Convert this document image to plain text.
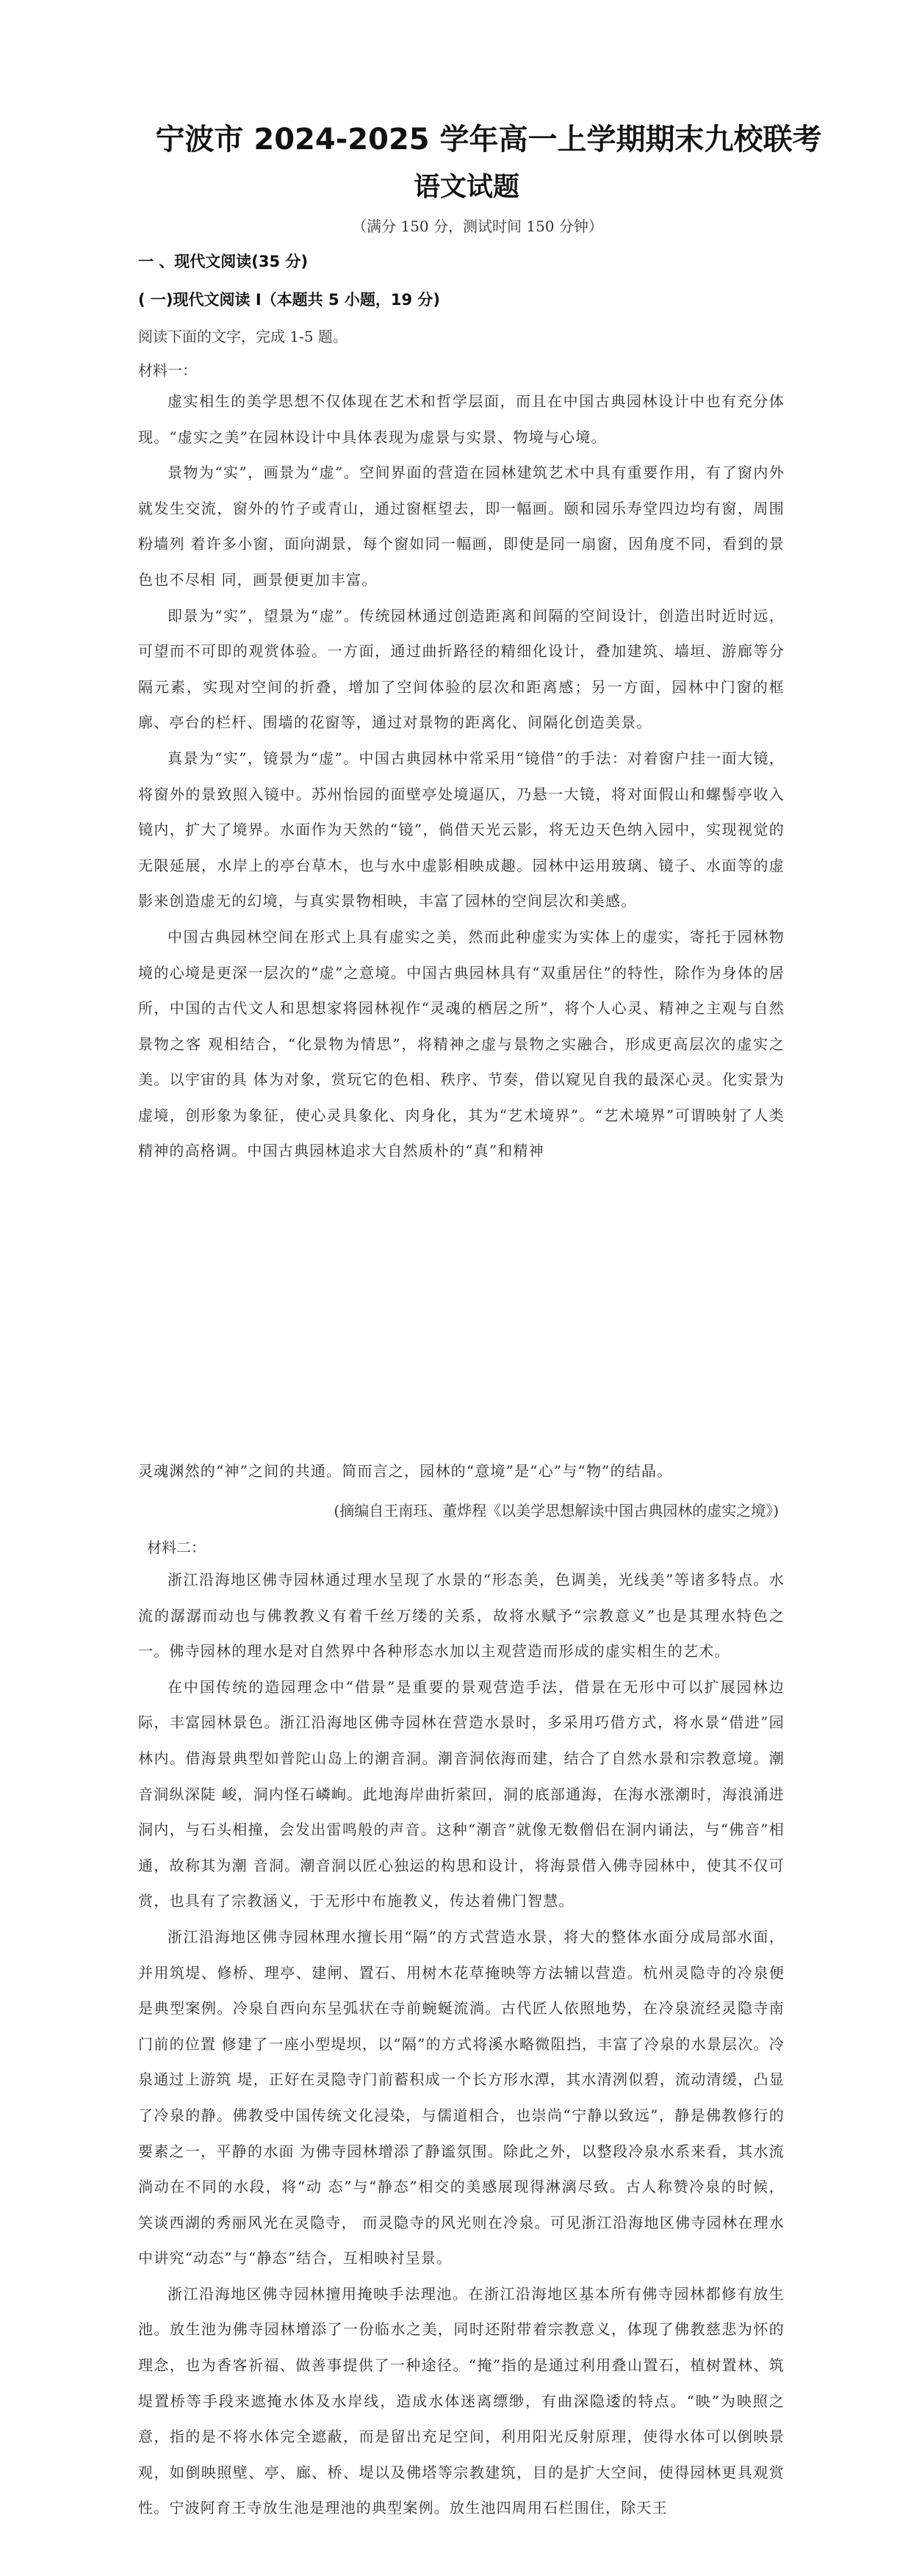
宁波市 2024-2025 学年高一上学期期末九校联考
语文试题
（满分 150 分，测试时间 150 分钟）
一 、现代文阅读(35 分)
( 一)现代文阅读 I（本题共 5 小题，19 分)
阅读下面的文字，完成 1-5 题。
材料一：

虚实相生的美学思想不仅体现在艺术和哲学层面，而且在中国古典园林设计中也有充分体现。“虚实之美”在园林设计中具体表现为虚景与实景、物境与心境。

景物为“实”，画景为“虚”。空间界面的营造在园林建筑艺术中具有重要作用，有了窗内外就发生交流，窗外的竹子或青山，通过窗框望去，即一幅画。颐和园乐寿堂四边均有窗，周围粉墙列 着许多小窗，面向湖景，每个窗如同一幅画，即使是同一扇窗，因角度不同，看到的景色也不尽相 同，画景便更加丰富。

即景为“实”，望景为“虚”。传统园林通过创造距离和间隔的空间设计，创造出时近时远，可望而不可即的观赏体验。一方面，通过曲折路径的精细化设计，叠加建筑、墙垣、游廊等分隔元素，实现对空间的折叠，增加了空间体验的层次和距离感；另一方面，园林中门窗的框廓、亭台的栏杆、围墙的花窗等，通过对景物的距离化、间隔化创造美景。

真景为“实”，镜景为“虚”。中国古典园林中常采用“镜借”的手法：对着窗户挂一面大镜，将窗外的景致照入镜中。苏州怡园的面壁亭处境逼仄，乃悬一大镜，将对面假山和螺髻亭收入镜内，扩大了境界。水面作为天然的“镜”，倘借天光云影，将无边天色纳入园中，实现视觉的无限延展，水岸上的亭台草木，也与水中虚影相映成趣。园林中运用玻璃、镜子、水面等的虚影来创造虚无的幻境，与真实景物相映，丰富了园林的空间层次和美感。

中国古典园林空间在形式上具有虚实之美，然而此种虚实为实体上的虚实，寄托于园林物境的心境是更深一层次的“虚”之意境。中国古典园林具有“双重居住”的特性，除作为身体的居所，中国的古代文人和思想家将园林视作“灵魂的栖居之所”，将个人心灵、精神之主观与自然景物之客 观相结合，“化景物为情思”，将精神之虚与景物之实融合，形成更高层次的虚实之美。以宇宙的具 体为对象，赏玩它的色相、秩序、节奏，借以窥见自我的最深心灵。化实景为虚境，创形象为象征，使心灵具象化、肉身化，其为“艺术境界”。“艺术境界”可谓映射了人类精神的高格调。中国古典园林追求大自然质朴的“真”和精神

灵魂渊然的“神”之间的共通。简而言之，园林的“意境”是“心”与“物”的结晶。

(摘编自王南珏、董烨程《以美学思想解读中国古典园林的虚实之境》)
材料二：

浙江沿海地区佛寺园林通过理水呈现了水景的“形态美，色调美，光线美”等诸多特点。水流的潺潺而动也与佛教教义有着千丝万缕的关系，故将水赋予“宗教意义”也是其理水特色之一。佛寺园林的理水是对自然界中各种形态水加以主观营造而形成的虚实相生的艺术。

在中国传统的造园理念中“借景”是重要的景观营造手法，借景在无形中可以扩展园林边际，丰富园林景色。浙江沿海地区佛寺园林在营造水景时，多采用巧借方式，将水景“借进”园林内。借海景典型如普陀山岛上的潮音洞。潮音洞依海而建，结合了自然水景和宗教意境。潮音洞纵深陡 峻，洞内怪石嶙峋。此地海岸曲折萦回，洞的底部通海，在海水涨潮时，海浪涌进洞内，与石头相撞，会发出雷鸣般的声音。这种“潮音”就像无数僧侣在洞内诵法，与“佛音”相通，故称其为潮 音洞。潮音洞以匠心独运的构思和设计，将海景借入佛寺园林中，使其不仅可赏，也具有了宗教涵义，于无形中布施教义，传达着佛门智慧。

浙江沿海地区佛寺园林理水擅长用“隔”的方式营造水景，将大的整体水面分成局部水面，并用筑堤、修桥、理亭、建闸、置石、用树木花草掩映等方法辅以营造。杭州灵隐寺的冷泉便是典型案例。冷泉自西向东呈弧状在寺前蜿蜒流淌。古代匠人依照地势，在冷泉流经灵隐寺南门前的位置 修建了一座小型堤坝，以“隔”的方式将溪水略微阻挡，丰富了冷泉的水景层次。冷泉通过上游筑 堤，正好在灵隐寺门前蓄积成一个长方形水潭，其水清洌似碧，流动清缓，凸显了冷泉的静。佛教受中国传统文化浸染，与儒道相合，也崇尚“宁静以致远”，静是佛教修行的要素之一，平静的水面 为佛寺园林增添了静谧氛围。除此之外，以整段冷泉水系来看，其水流淌动在不同的水段，将“动 态”与“静态”相交的美感展现得淋漓尽致。古人称赞冷泉的时候，笑谈西湖的秀丽风光在灵隐寺， 而灵隐寺的风光则在冷泉。可见浙江沿海地区佛寺园林在理水中讲究“动态”与“静态”结合，互相映衬呈景。

浙江沿海地区佛寺园林擅用掩映手法理池。在浙江沿海地区基本所有佛寺园林都修有放生池。放生池为佛寺园林增添了一份临水之美，同时还附带着宗教意义，体现了佛教慈悲为怀的理念，也为香客祈福、做善事提供了一种途径。“掩”指的是通过利用叠山置石，植树置林、筑堤置桥等手段来遮掩水体及水岸线，造成水体迷离缥缈，有曲深隐逶的特点。“映”为映照之意，指的是不将水体完全遮蔽，而是留出充足空间，利用阳光反射原理，使得水体可以倒映景观，如倒映照壁、亭、廊、桥、堤以及佛塔等宗教建筑，目的是扩大空间，使得园林更具观赏性。宁波阿育王寺放生池是理池的典型案例。放生池四周用石栏围住，除天王
